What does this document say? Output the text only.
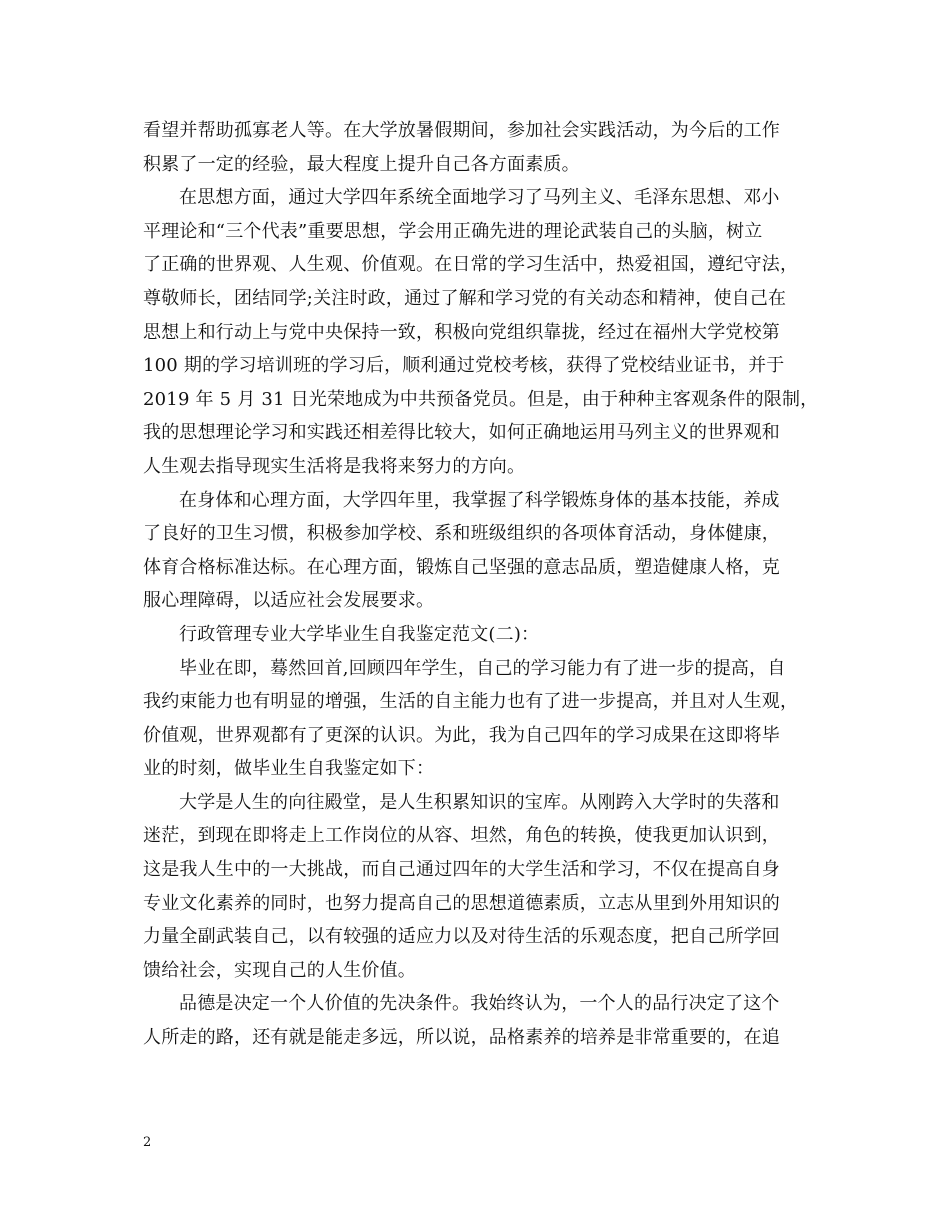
看望并帮助孤寡老人等。在大学放暑假期间，参加社会实践活动，为今后的工作
积累了一定的经验，最大程度上提升自己各方面素质。
在思想方面，通过大学四年系统全面地学习了马列主义、毛泽东思想、邓小
平理论和“三个代表”重要思想，学会用正确先进的理论武装自己的头脑，树立
了正确的世界观、人生观、价值观。在日常的学习生活中，热爱祖国，遵纪守法，
尊敬师长，团结同学;关注时政，通过了解和学习党的有关动态和精神，使自己在
思想上和行动上与党中央保持一致，积极向党组织靠拢，经过在福州大学党校第
100 期的学习培训班的学习后，顺利通过党校考核，获得了党校结业证书，并于
2019 年 5 月 31 日光荣地成为中共预备党员。但是，由于种种主客观条件的限制，
我的思想理论学习和实践还相差得比较大，如何正确地运用马列主义的世界观和
人生观去指导现实生活将是我将来努力的方向。
在身体和心理方面，大学四年里，我掌握了科学锻炼身体的基本技能，养成
了良好的卫生习惯，积极参加学校、系和班级组织的各项体育活动，身体健康，
体育合格标准达标。在心理方面，锻炼自己坚强的意志品质，塑造健康人格，克
服心理障碍，以适应社会发展要求。
行政管理专业大学毕业生自我鉴定范文(二)：
毕业在即，蓦然回首,回顾四年学生，自己的学习能力有了进一步的提高，自
我约束能力也有明显的增强，生活的自主能力也有了进一步提高，并且对人生观，
价值观，世界观都有了更深的认识。为此，我为自己四年的学习成果在这即将毕
业的时刻，做毕业生自我鉴定如下：
大学是人生的向往殿堂，是人生积累知识的宝库。从刚跨入大学时的失落和
迷茫，到现在即将走上工作岗位的从容、坦然，角色的转换，使我更加认识到，
这是我人生中的一大挑战，而自己通过四年的大学生活和学习，不仅在提高自身
专业文化素养的同时，也努力提高自己的思想道德素质，立志从里到外用知识的
力量全副武装自己，以有较强的适应力以及对待生活的乐观态度，把自己所学回
馈给社会，实现自己的人生价值。
品德是决定一个人价值的先决条件。我始终认为，一个人的品行决定了这个
人所走的路，还有就是能走多远，所以说，品格素养的培养是非常重要的，在追
2
